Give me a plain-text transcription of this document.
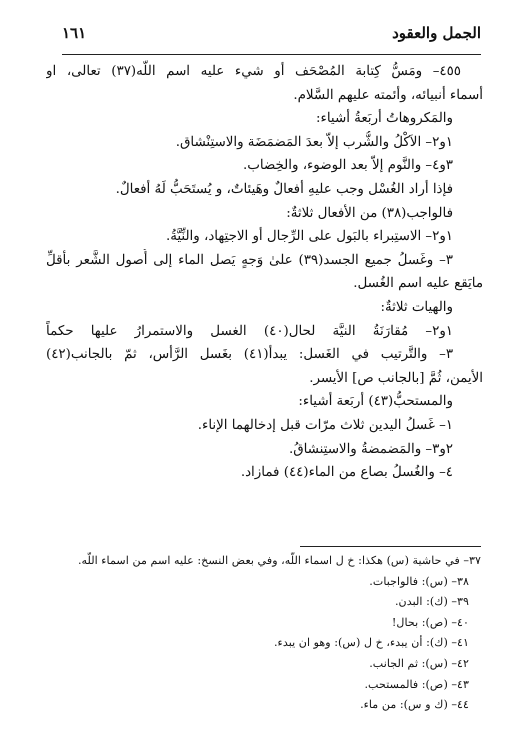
الجمل والعقود
١٦١
٤٥٥– ومَسُّ كِتابة المُصْحَف أو شيء عليه اسم اللّه(٣٧) تعالى، او
أسماء أنبيائه، وأئمته عليهم السَّلام.
والمَكروهاتُ أربَعةُ أشياء:
١و٢– الاَكْلُ والشُّرب إلاّ بعدَ المَضمَضَة والاستِنْشاق.
٣و٤– والنَّوم إلاّ بعد الوضوء، والخِضاب.
فإذا أراد الغُسْل وجب عليهِ أفعالٌ وهَيئاتٌ، و يُستَحَبُّ لَهُ أفعالٌ.
فالواجب(٣٨) من الأفعال ثلاثةٌ:
١و٢– الاستِبراء بالبَول على الرِّجال أو الاجتِهاد، والنِّيَّةُ.
٣– وغَسلُ جميع الجسد(٣٩) علىٰ وَجهٍ يَصل الماء إلى أُصول الشَّعر بأقلِّ
مايَقع عليه اسم الغُسل.
والهيات ثلاثةٌ:
١و٢– مُقارَنَةُ النيَّة لحال(٤٠) الغسل والاستمرارُ عليها حكماً
٣– والتَّرتيب في الغَسل: يبدأ(٤١) بغَسل الرَّأس، ثمّ بالجانب(٤٢)
الأيمن، ثُمَّ [بالجانب ص] الأيسر.
والمستحبُّ(٤٣) أربَعة أشياء:
١– غَسلُ اليدين ثلاث مرّات قبل إدخالهما الإناء.
٢و٣– والمَضمضةُ والاستِنشاقُ.
٤– والغُسلُ بصاع من الماء(٤٤) فمازاد.
٣٧– في حاشية (س) هكذا: خ ل اسماء اللّه، وفي بعض النسخ: عليه اسم من اسماء اللّه.
٣٨– (س): فالواجبات.
٣٩– (ك): البدن.
٤٠– (ص): بحال!
٤١– (ك): أن يبدء، خ ل (س): وهو ان يبدء.
٤٢– (س): ثم الجانب.
٤٣– (ص): فالمستحب.
٤٤– (ك و س): من ماء.
